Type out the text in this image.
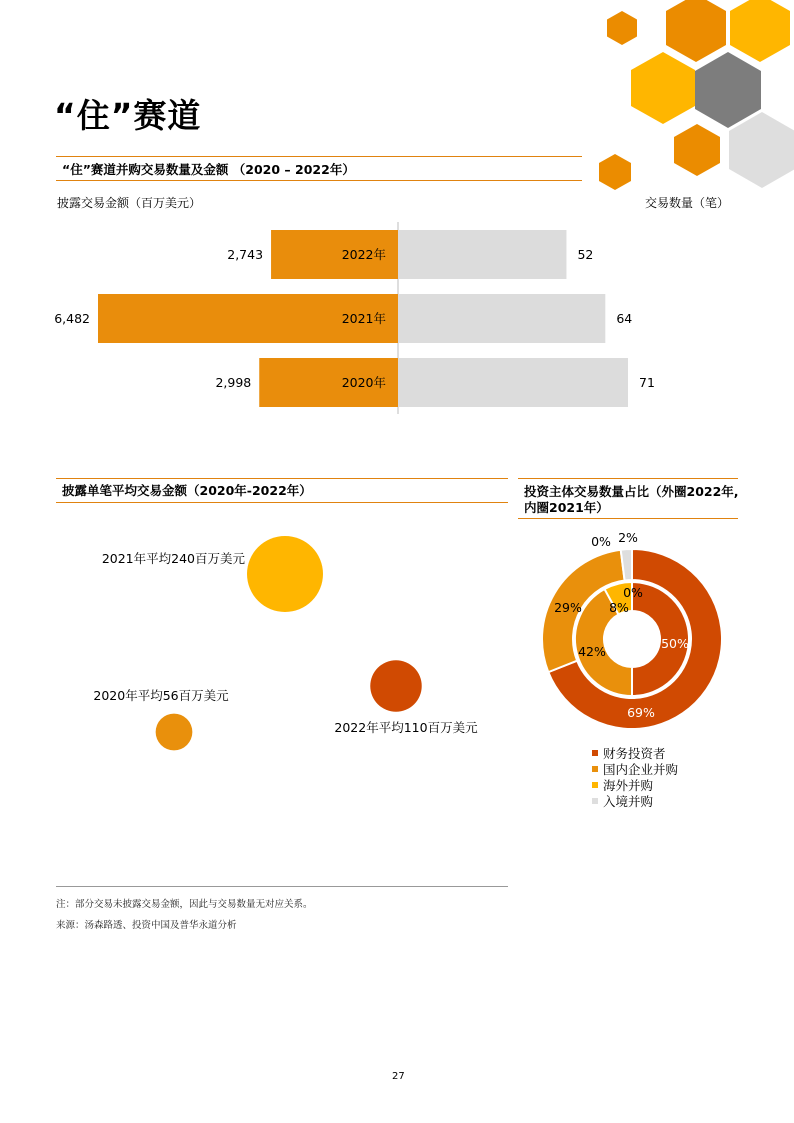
“住”赛道
“住”赛道并购交易数量及金额 （2020 – 2022年）
披露交易金额（百万美元）	交易数量（笔）
2022年
2,743	52
2021年
6,482	64
2020年
2,998	71
披露单笔平均交易金额（2020年-2022年）
2021年平均240百万美元
2022年平均110百万美元
2020年平均56百万美元
投资主体交易数量占比（外圈2022年,
内圈2021年）
69%
29%
0% 2%
50%
42%
8%
0%
财务投资者
国内企业并购
海外并购
入境并购
注：部分交易未披露交易金额，因此与交易数量无对应关系。
来源：汤森路透、投资中国及普华永道分析
27
